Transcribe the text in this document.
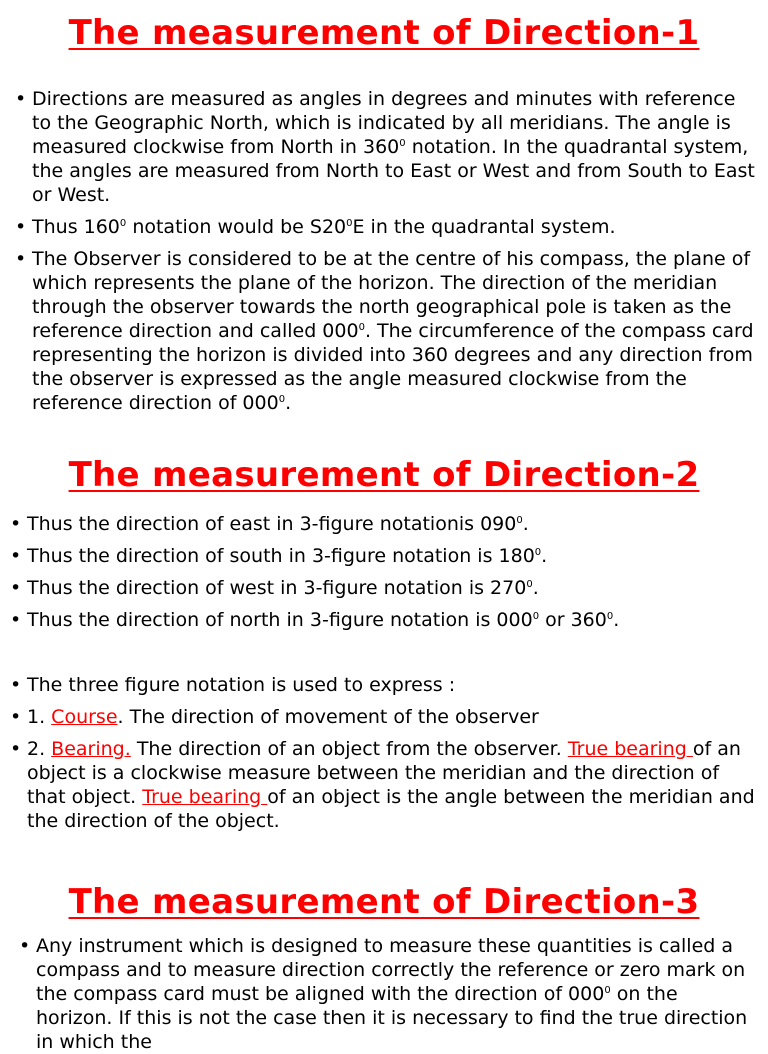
The measurement of Direction-1
• Directions are measured as angles in degrees and minutes with reference to the Geographic North, which is indicated by all meridians. The angle is measured clockwise from North in $360^0$ notation. In the quadrantal system, the angles are measured from North to East or West and from South to East or West.
• Thus $160^0$ notation would be $S20^0E$ in the quadrantal system.
• The Observer is considered to be at the centre of his compass, the plane of which represents the plane of the horizon. The direction of the meridian through the observer towards the north geographical pole is taken as the reference direction and called $000^0$. The circumference of the compass card representing the horizon is divided into 360 degrees and any direction from the observer is expressed as the angle measured clockwise from the reference direction of $000^0$.
The measurement of Direction-2
• Thus the direction of east in 3-figure notationis $090^0$.
• Thus the direction of south in 3-figure notation is $180^0$.
• Thus the direction of west in 3-figure notation is $270^0$.
• Thus the direction of north in 3-figure notation is $000^0$ or $360^0$.
• The three figure notation is used to express :
• 1. Course. The direction of movement of the observer
• 2. Bearing. The direction of an object from the observer. True bearing of an object is a clockwise measure between the meridian and the direction of that object. True bearing of an object is the angle between the meridian and the direction of the object.
The measurement of Direction-3
• Any instrument which is designed to measure these quantities is called a compass and to measure direction correctly the reference or zero mark on the compass card must be aligned with the direction of $000^0$ on the horizon. If this is not the case then it is necessary to find the true direction in which the
